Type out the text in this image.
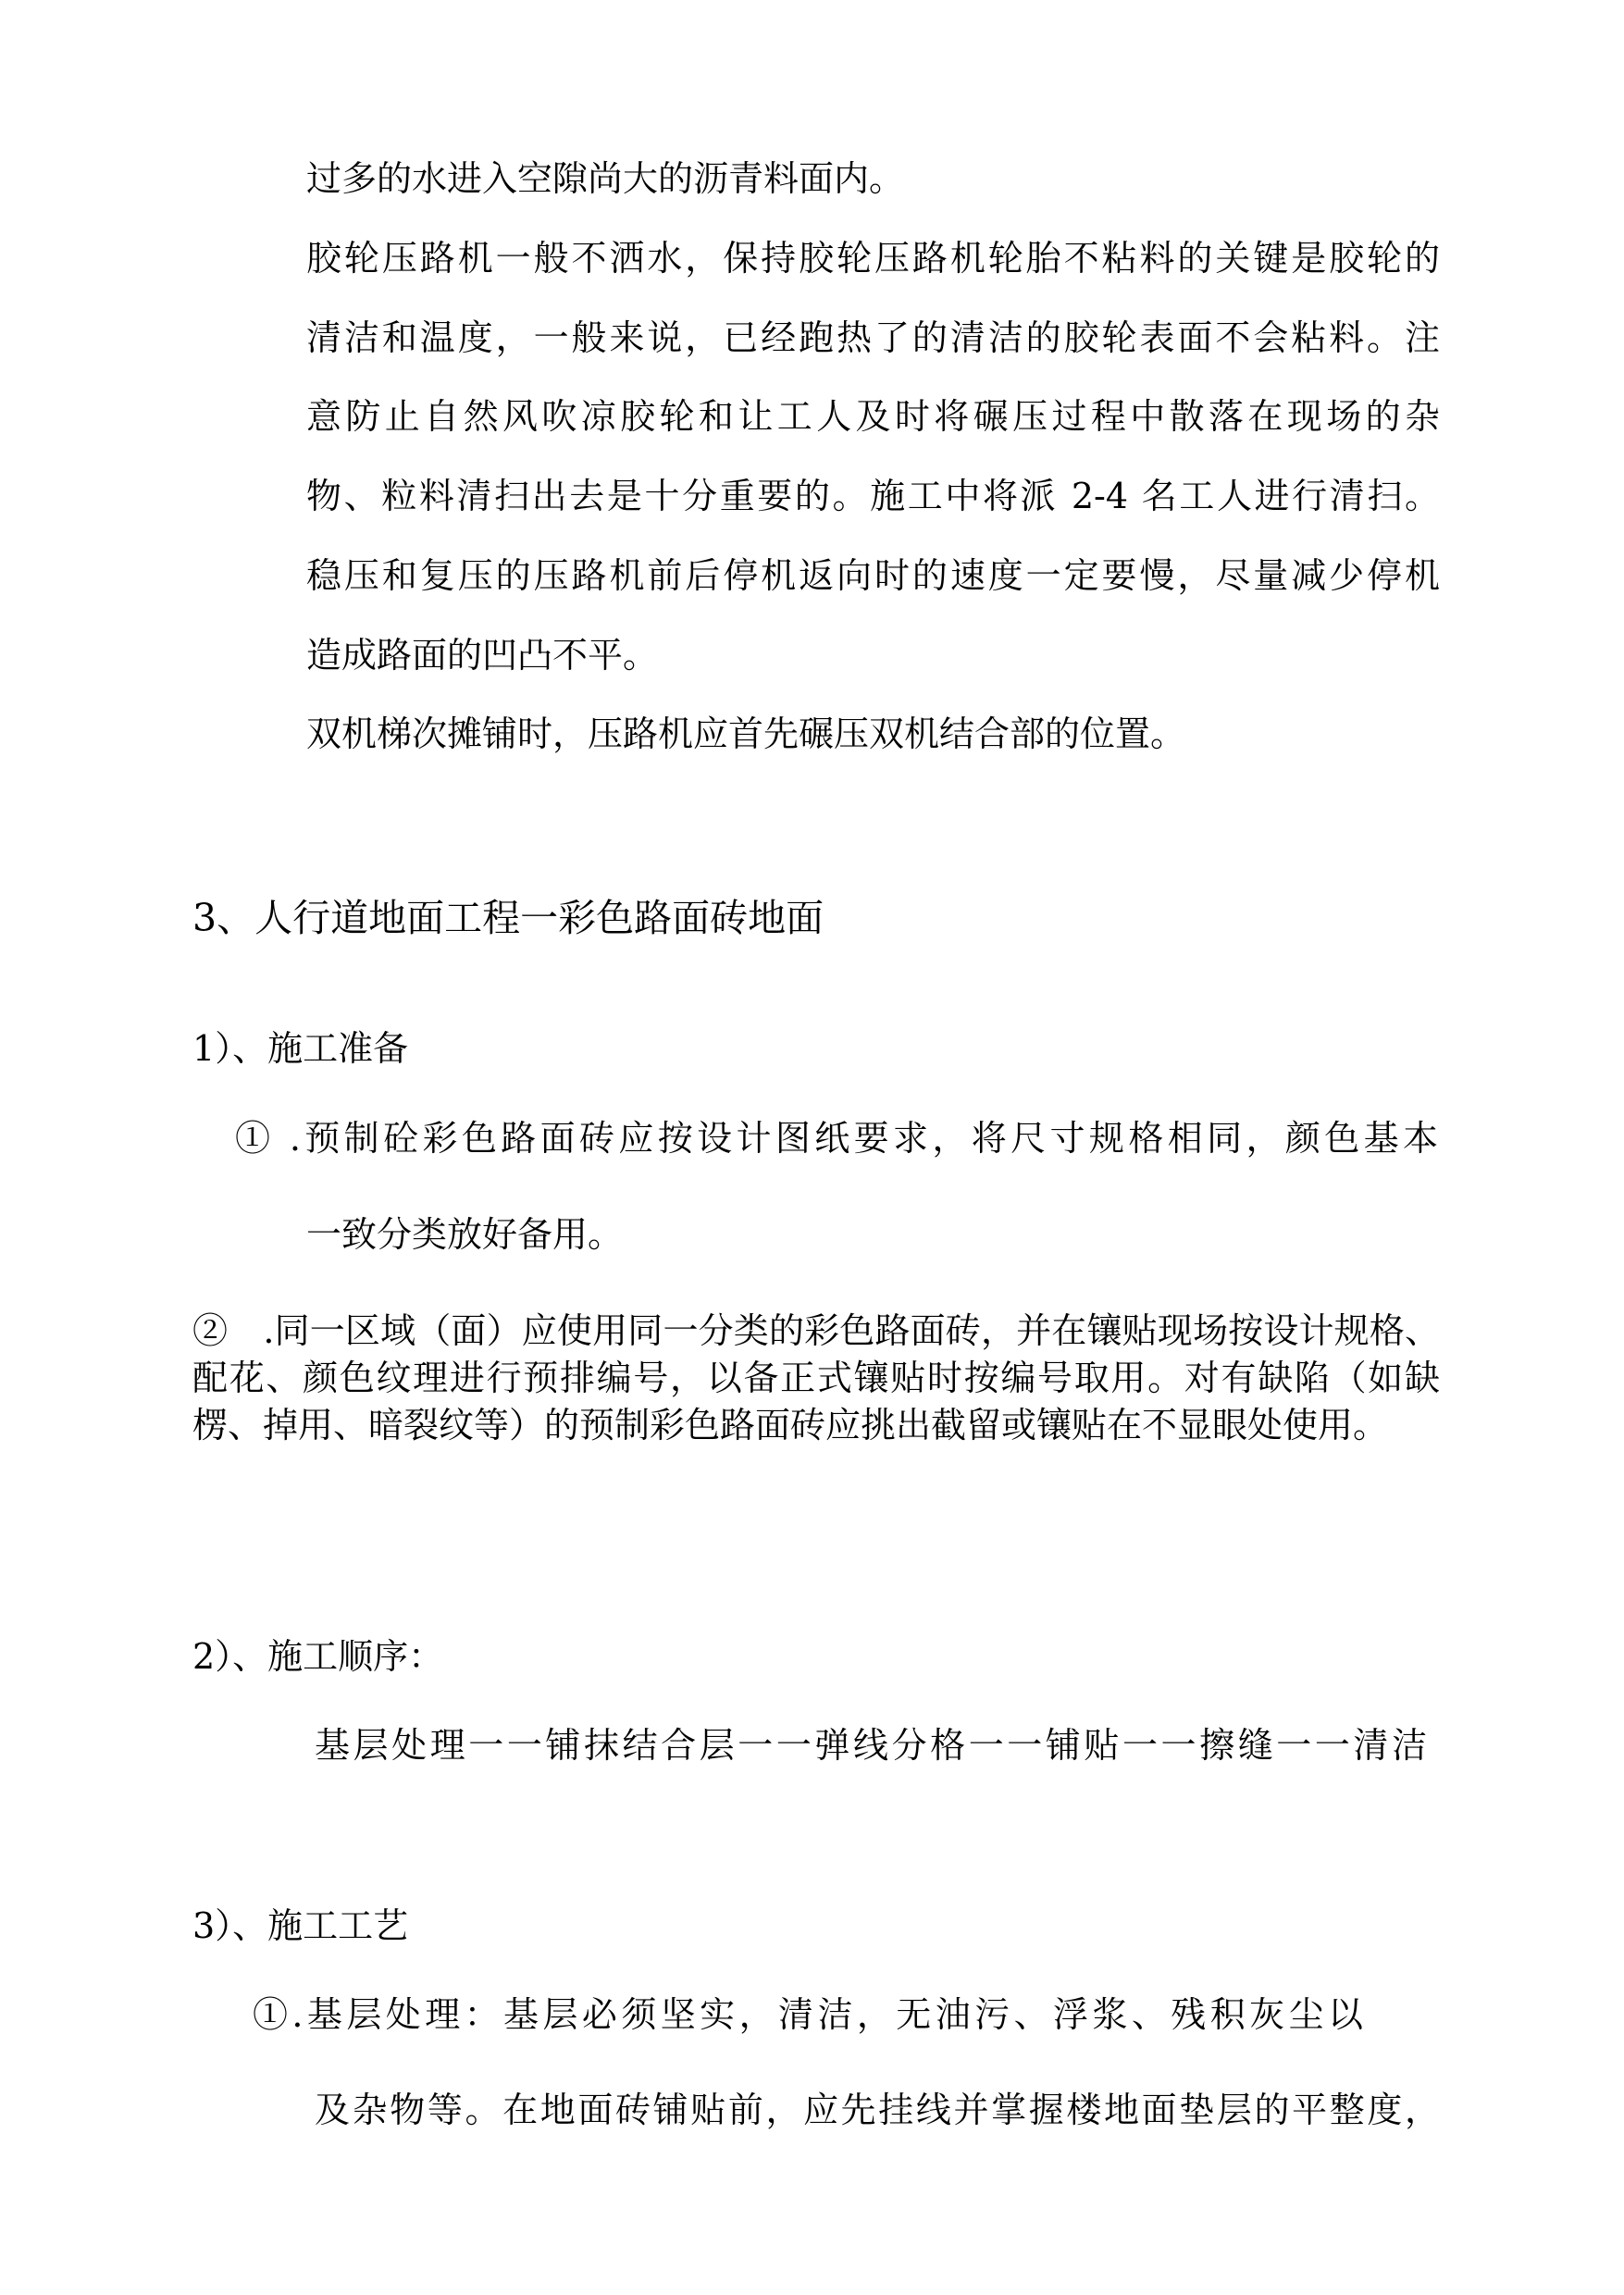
过多的水进入空隙尚大的沥青料面内。
胶轮压路机一般不洒水，保持胶轮压路机轮胎不粘料的关键是胶轮的
清洁和温度，一般来说，已经跑热了的清洁的胶轮表面不会粘料。注
意防止自然风吹凉胶轮和让工人及时将碾压过程中散落在现场的杂
物、粒料清扫出去是十分重要的。施工中将派 2-4 名工人进行清扫。
稳压和复压的压路机前后停机返向时的速度一定要慢，尽量减少停机
造成路面的凹凸不平。
双机梯次摊铺时，压路机应首先碾压双机结合部的位置。
3、人行道地面工程一彩色路面砖地面
1）、施工准备
① .预制砼彩色路面砖应按设计图纸要求，将尺寸规格相同，颜色基本
一致分类放好备用。
②　.同一区域（面）应使用同一分类的彩色路面砖，并在镶贴现场按设计规格、配花、颜色纹理进行预排编号，以备正式镶贴时按编号取用。对有缺陷（如缺楞、掉用、暗裂纹等）的预制彩色路面砖应挑出截留或镶贴在不显眼处使用。
2）、施工顺序：
基层处理一一铺抹结合层一一弹线分格一一铺贴一一擦缝一一清洁
3）、施工工艺
①.基层处理：基层必须坚实，清洁，无油污、浮浆、残积灰尘以
及杂物等。在地面砖铺贴前，应先挂线并掌握楼地面垫层的平整度，
